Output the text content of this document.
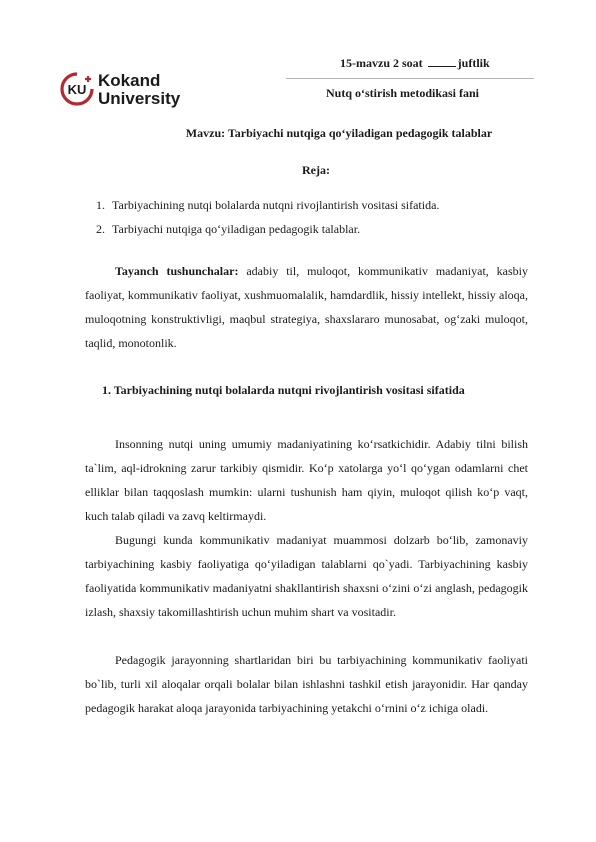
KU Kokand
University
15-mavzu 2 soat	juftlik
Nutq o‘stirish metodikasi fani
Mavzu: Tarbiyachi nutqiga qo‘yiladigan pedagogik talablar
Reja:
1. Tarbiyachining nutqi bolalarda nutqni rivojlantirish vositasi sifatida.
2. Tarbiyachi nutqiga qo‘yiladigan pedagogik talablar.

Tayanch tushunchalar: adabiy til, muloqot, kommunikativ madaniyat, kasbiy faoliyat, kommunikativ faoliyat, xushmuomalalik, hamdardlik, hissiy intellekt, hissiy aloqa, muloqotning konstruktivligi, maqbul strategiya, shaxslararo munosabat, og‘zaki muloqot, taqlid, monotonlik.

1. Tarbiyachining nutqi bolalarda nutqni rivojlantirish vositasi sifatida

Insonning nutqi uning umumiy madaniyatining ko‘rsatkichidir. Adabiy tilni bilish ta`lim, aql-idrokning zarur tarkibiy qismidir. Ko‘p xatolarga yo‘l qo‘ygan odamlarni chet elliklar bilan taqqoslash mumkin: ularni tushunish ham qiyin, muloqot qilish ko‘p vaqt, kuch talab qiladi va zavq keltirmaydi.

Bugungi kunda kommunikativ madaniyat muammosi dolzarb bo‘lib, zamonaviy tarbiyachining kasbiy faoliyatiga qo‘yiladigan talablarni qo`yadi. Tarbiyachining kasbiy faoliyatida kommunikativ madaniyatni shakllantirish shaxsni o‘zini o‘zi anglash, pedagogik izlash, shaxsiy takomillashtirish uchun muhim shart va vositadir.

Pedagogik jarayonning shartlaridan biri bu tarbiyachining kommunikativ faoliyati bo`lib, turli xil aloqalar orqali bolalar bilan ishlashni tashkil etish jarayonidir. Har qanday pedagogik harakat aloqa jarayonida tarbiyachining yetakchi o‘rnini o‘z ichiga oladi.
